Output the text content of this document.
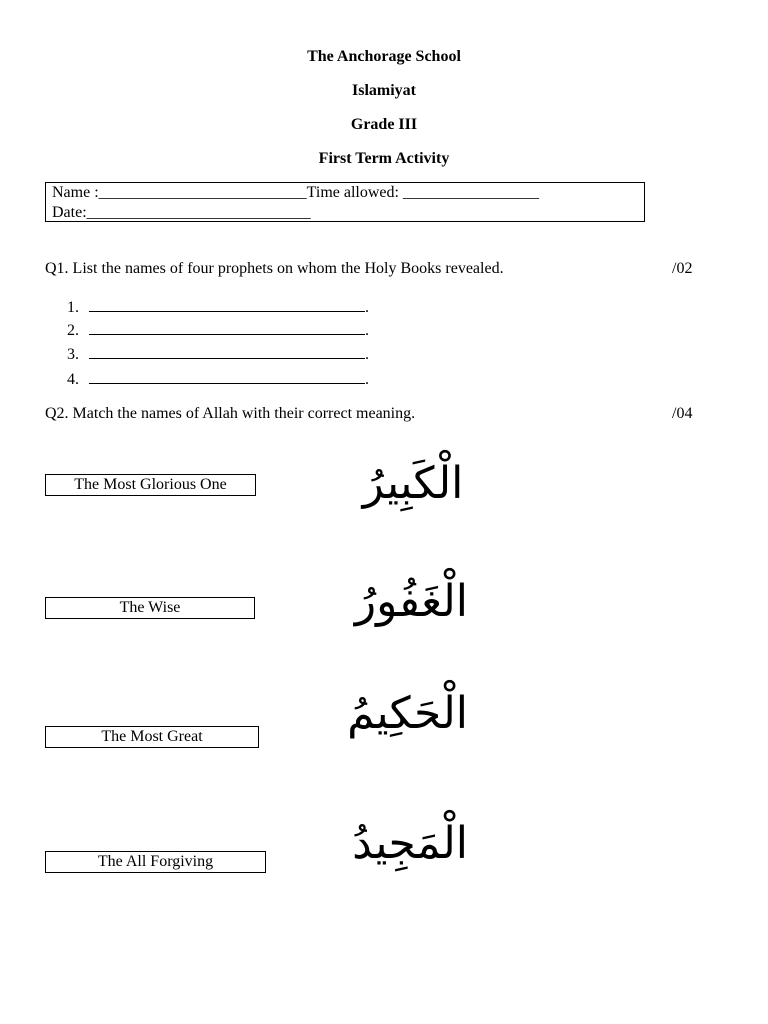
The Anchorage School
Islamiyat
Grade III
First Term Activity
Name :__________________________Time allowed: _________________
Date:____________________________
Q1. List the names of four prophets on whom the Holy Books revealed.	/02
1.	.
2.	.
3.	.
4.	.
Q2. Match the names of Allah with their correct meaning.	/04
The Most Glorious One
The Wise
The Most Great
The All Forgiving
الْكَبِيرُ
الْغَفُورُ
الْحَكِيمُ
الْمَجِيدُ
